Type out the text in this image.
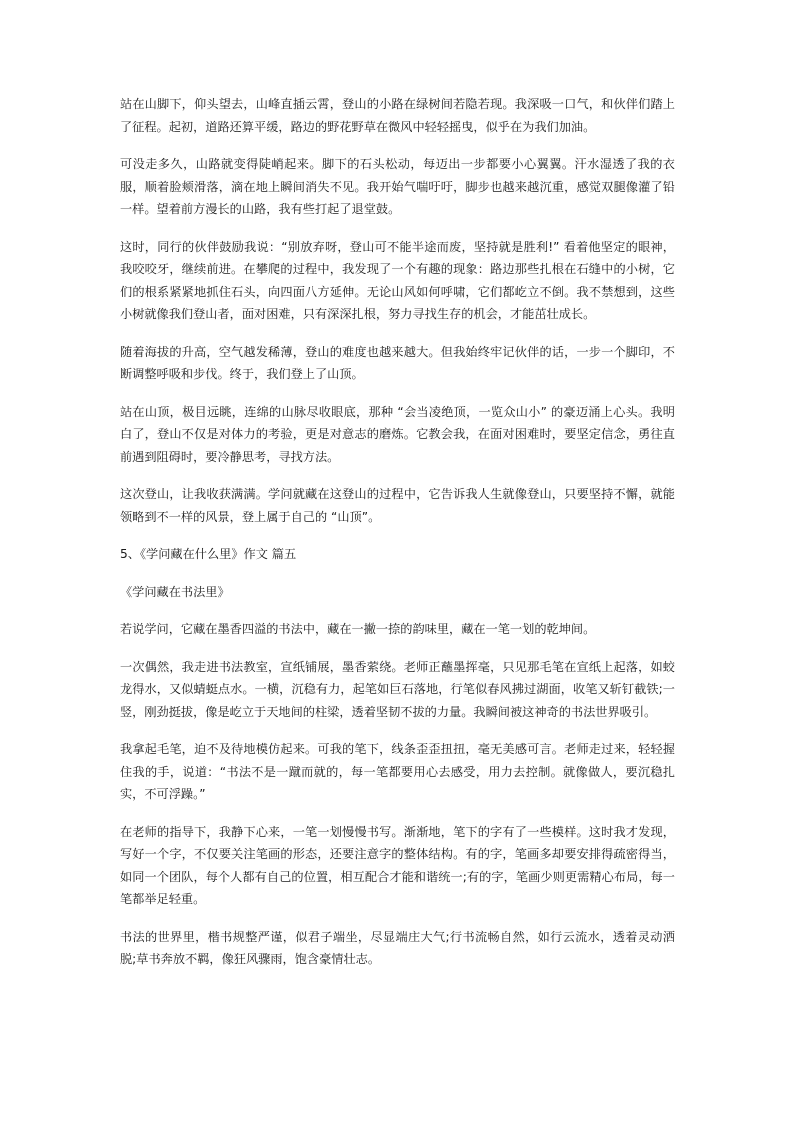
站在山脚下，仰头望去，山峰直插云霄，登山的小路在绿树间若隐若现。我深吸一口气，和伙伴们踏上了征程。起初，道路还算平缓，路边的野花野草在微风中轻轻摇曳，似乎在为我们加油。

可没走多久，山路就变得陡峭起来。脚下的石头松动，每迈出一步都要小心翼翼。汗水湿透了我的衣服，顺着脸颊滑落，滴在地上瞬间消失不见。我开始气喘吁吁，脚步也越来越沉重，感觉双腿像灌了铅一样。望着前方漫长的山路，我有些打起了退堂鼓。

这时，同行的伙伴鼓励我说：“别放弃呀，登山可不能半途而废，坚持就是胜利!” 看着他坚定的眼神，我咬咬牙，继续前进。在攀爬的过程中，我发现了一个有趣的现象：路边那些扎根在石缝中的小树，它们的根系紧紧地抓住石头，向四面八方延伸。无论山风如何呼啸，它们都屹立不倒。我不禁想到，这些小树就像我们登山者，面对困难，只有深深扎根，努力寻找生存的机会，才能茁壮成长。

随着海拔的升高，空气越发稀薄，登山的难度也越来越大。但我始终牢记伙伴的话，一步一个脚印，不断调整呼吸和步伐。终于，我们登上了山顶。

站在山顶，极目远眺，连绵的山脉尽收眼底，那种 “会当凌绝顶，一览众山小” 的豪迈涌上心头。我明白了，登山不仅是对体力的考验，更是对意志的磨炼。它教会我，在面对困难时，要坚定信念，勇往直前遇到阻碍时，要冷静思考，寻找方法。

这次登山，让我收获满满。学问就藏在这登山的过程中，它告诉我人生就像登山，只要坚持不懈，就能领略到不一样的风景，登上属于自己的 “山顶”。

5、《学问藏在什么里》作文 篇五

《学问藏在书法里》

若说学问，它藏在墨香四溢的书法中，藏在一撇一捺的韵味里，藏在一笔一划的乾坤间。

一次偶然，我走进书法教室，宣纸铺展，墨香萦绕。老师正蘸墨挥毫，只见那毛笔在宣纸上起落，如蛟龙得水，又似蜻蜓点水。一横，沉稳有力，起笔如巨石落地，行笔似春风拂过湖面，收笔又斩钉截铁;一竖，刚劲挺拔，像是屹立于天地间的柱梁，透着坚韧不拔的力量。我瞬间被这神奇的书法世界吸引。

我拿起毛笔，迫不及待地模仿起来。可我的笔下，线条歪歪扭扭，毫无美感可言。老师走过来，轻轻握住我的手，说道：“书法不是一蹴而就的，每一笔都要用心去感受，用力去控制。就像做人，要沉稳扎实，不可浮躁。”

在老师的指导下，我静下心来，一笔一划慢慢书写。渐渐地，笔下的字有了一些模样。这时我才发现，写好一个字，不仅要关注笔画的形态，还要注意字的整体结构。有的字，笔画多却要安排得疏密得当，如同一个团队，每个人都有自己的位置，相互配合才能和谐统一;有的字，笔画少则更需精心布局，每一笔都举足轻重。

书法的世界里，楷书规整严谨，似君子端坐，尽显端庄大气;行书流畅自然，如行云流水，透着灵动洒脱;草书奔放不羁，像狂风骤雨，饱含豪情壮志。
